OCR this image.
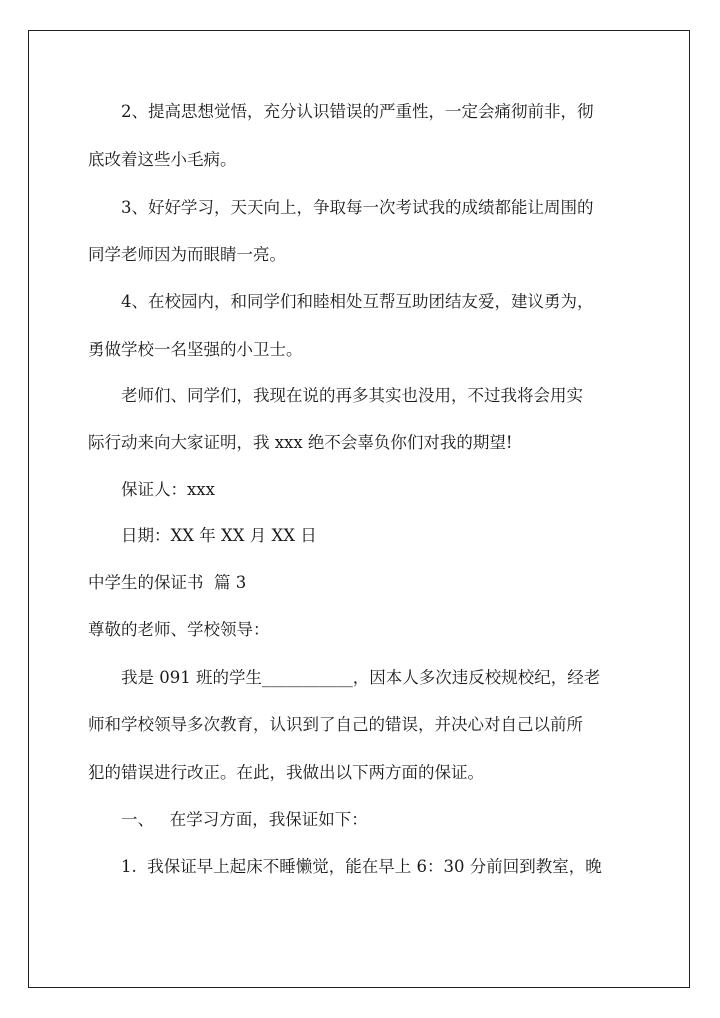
2、提高思想觉悟，充分认识错误的严重性，一定会痛彻前非，彻
底改着这些小毛病。
3、好好学习，天天向上，争取每一次考试我的成绩都能让周围的
同学老师因为而眼睛一亮。
4、在校园内，和同学们和睦相处互帮互助团结友爱，建议勇为，
勇做学校一名坚强的小卫士。
老师们、同学们，我现在说的再多其实也没用，不过我将会用实
际行动来向大家证明，我 xxx 绝不会辜负你们对我的期望!
保证人：xxx
日期：XX 年 XX 月 XX 日
中学生的保证书  篇 3
尊敬的老师、学校领导：
我是 091 班的学生___________，因本人多次违反校规校纪，经老
师和学校领导多次教育，认识到了自己的错误，并决心对自己以前所
犯的错误进行改正。在此，我做出以下两方面的保证。
一、   在学习方面，我保证如下：
1.  我保证早上起床不睡懒觉，能在早上 6：30 分前回到教室，晚
